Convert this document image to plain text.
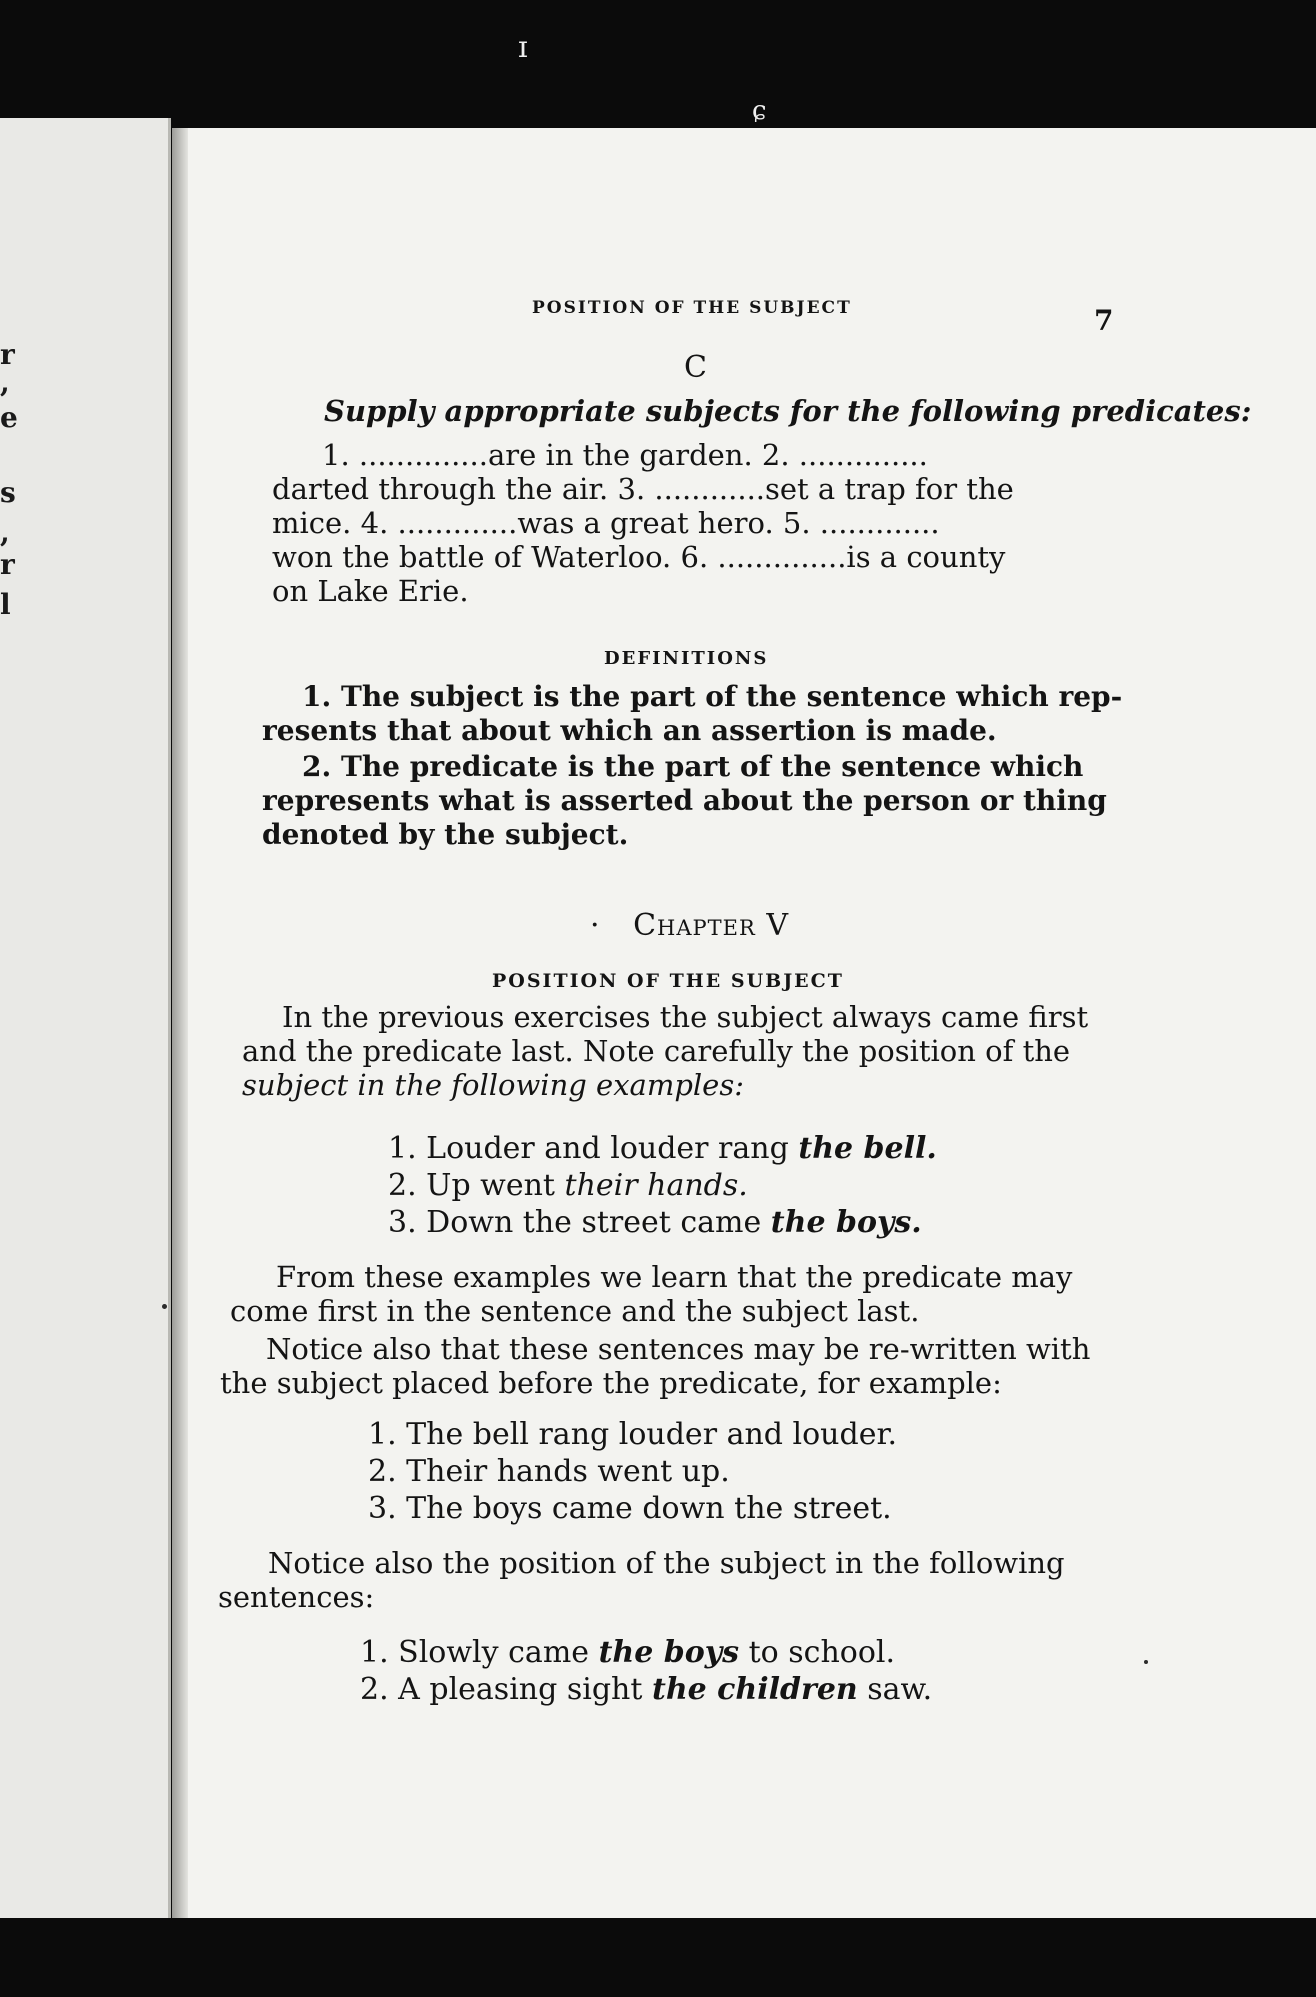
ɪ
ɕ
r
,
e
s
,
r
l
POSITION OF THE SUBJECT	7
C
Supply appropriate subjects for the following predicates:
1. ..............are in the garden. 2. ..............
darted through the air. 3. ............set a trap for the
mice. 4. .............was a great hero. 5. .............
won the battle of Waterloo. 6. ..............is a county
on Lake Erie.
DEFINITIONS
1. The subject is the part of the sentence which rep-
resents that about which an assertion is made.
2. The predicate is the part of the sentence which
represents what is asserted about the person or thing
denoted by the subject.
· Chapter V
POSITION OF THE SUBJECT
In the previous exercises the subject always came first
and the predicate last. Note carefully the position of the
subject in the following examples:
1. Louder and louder rang the bell.
2. Up went their hands.
3. Down the street came the boys.
From these examples we learn that the predicate may
come first in the sentence and the subject last.
Notice also that these sentences may be re-written with
the subject placed before the predicate, for example:
1. The bell rang louder and louder.
2. Their hands went up.
3. The boys came down the street.
Notice also the position of the subject in the following
sentences:
1. Slowly came the boys to school.
2. A pleasing sight the children saw.
